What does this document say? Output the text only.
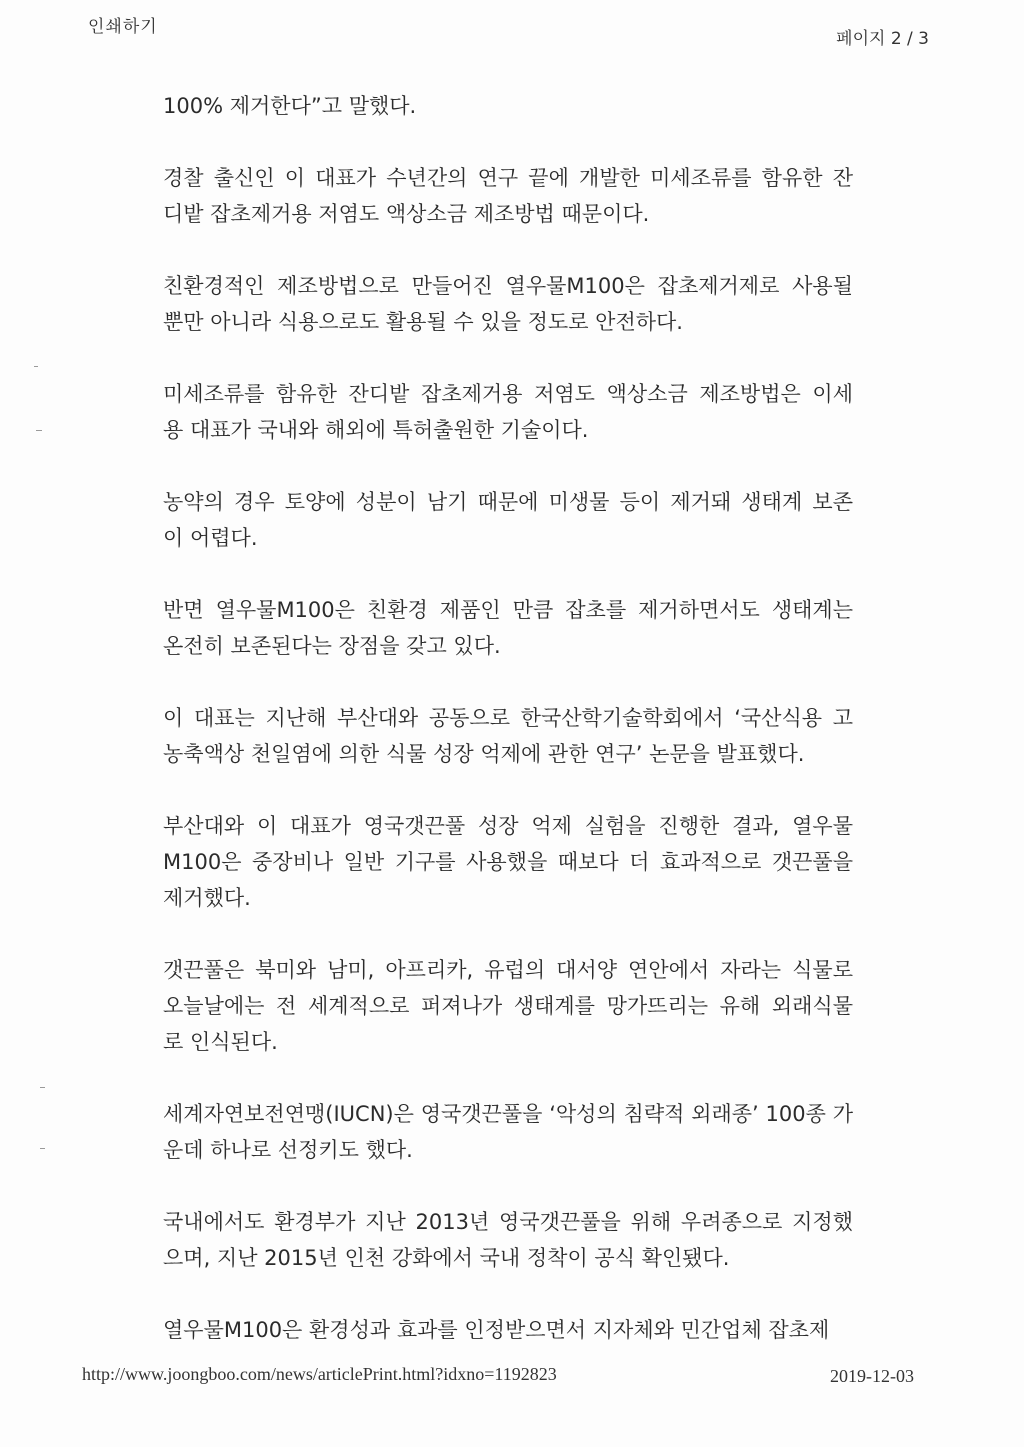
인쇄하기
페이지 2 / 3

100% 제거한다”고 말했다.

경찰 출신인 이 대표가 수년간의 연구 끝에 개발한 미세조류를 함유한 잔
디밭 잡초제거용 저염도 액상소금 제조방법 때문이다.

친환경적인 제조방법으로 만들어진 열우물M100은 잡초제거제로 사용될
뿐만 아니라 식용으로도 활용될 수 있을 정도로 안전하다.

미세조류를 함유한 잔디밭 잡초제거용 저염도 액상소금 제조방법은 이세
용 대표가 국내와 해외에 특허출원한 기술이다.

농약의 경우 토양에 성분이 남기 때문에 미생물 등이 제거돼 생태계 보존
이 어렵다.

반면 열우물M100은 친환경 제품인 만큼 잡초를 제거하면서도 생태계는
온전히 보존된다는 장점을 갖고 있다.

이 대표는 지난해 부산대와 공동으로 한국산학기술학회에서 ‘국산식용 고
농축액상 천일염에 의한 식물 성장 억제에 관한 연구’ 논문을 발표했다.

부산대와 이 대표가 영국갯끈풀 성장 억제 실험을 진행한 결과, 열우물
M100은 중장비나 일반 기구를 사용했을 때보다 더 효과적으로 갯끈풀을
제거했다.

갯끈풀은 북미와 남미, 아프리카, 유럽의 대서양 연안에서 자라는 식물로
오늘날에는 전 세계적으로 퍼져나가 생태계를 망가뜨리는 유해 외래식물
로 인식된다.

세계자연보전연맹(IUCN)은 영국갯끈풀을 ‘악성의 침략적 외래종’ 100종 가
운데 하나로 선정키도 했다.

국내에서도 환경부가 지난 2013년 영국갯끈풀을 위해 우려종으로 지정했
으며, 지난 2015년 인천 강화에서 국내 정착이 공식 확인됐다.

열우물M100은 환경성과 효과를 인정받으면서 지자체와 민간업체 잡초제

http://www.joongboo.com/news/articlePrint.html?idxno=1192823	2019-12-03
